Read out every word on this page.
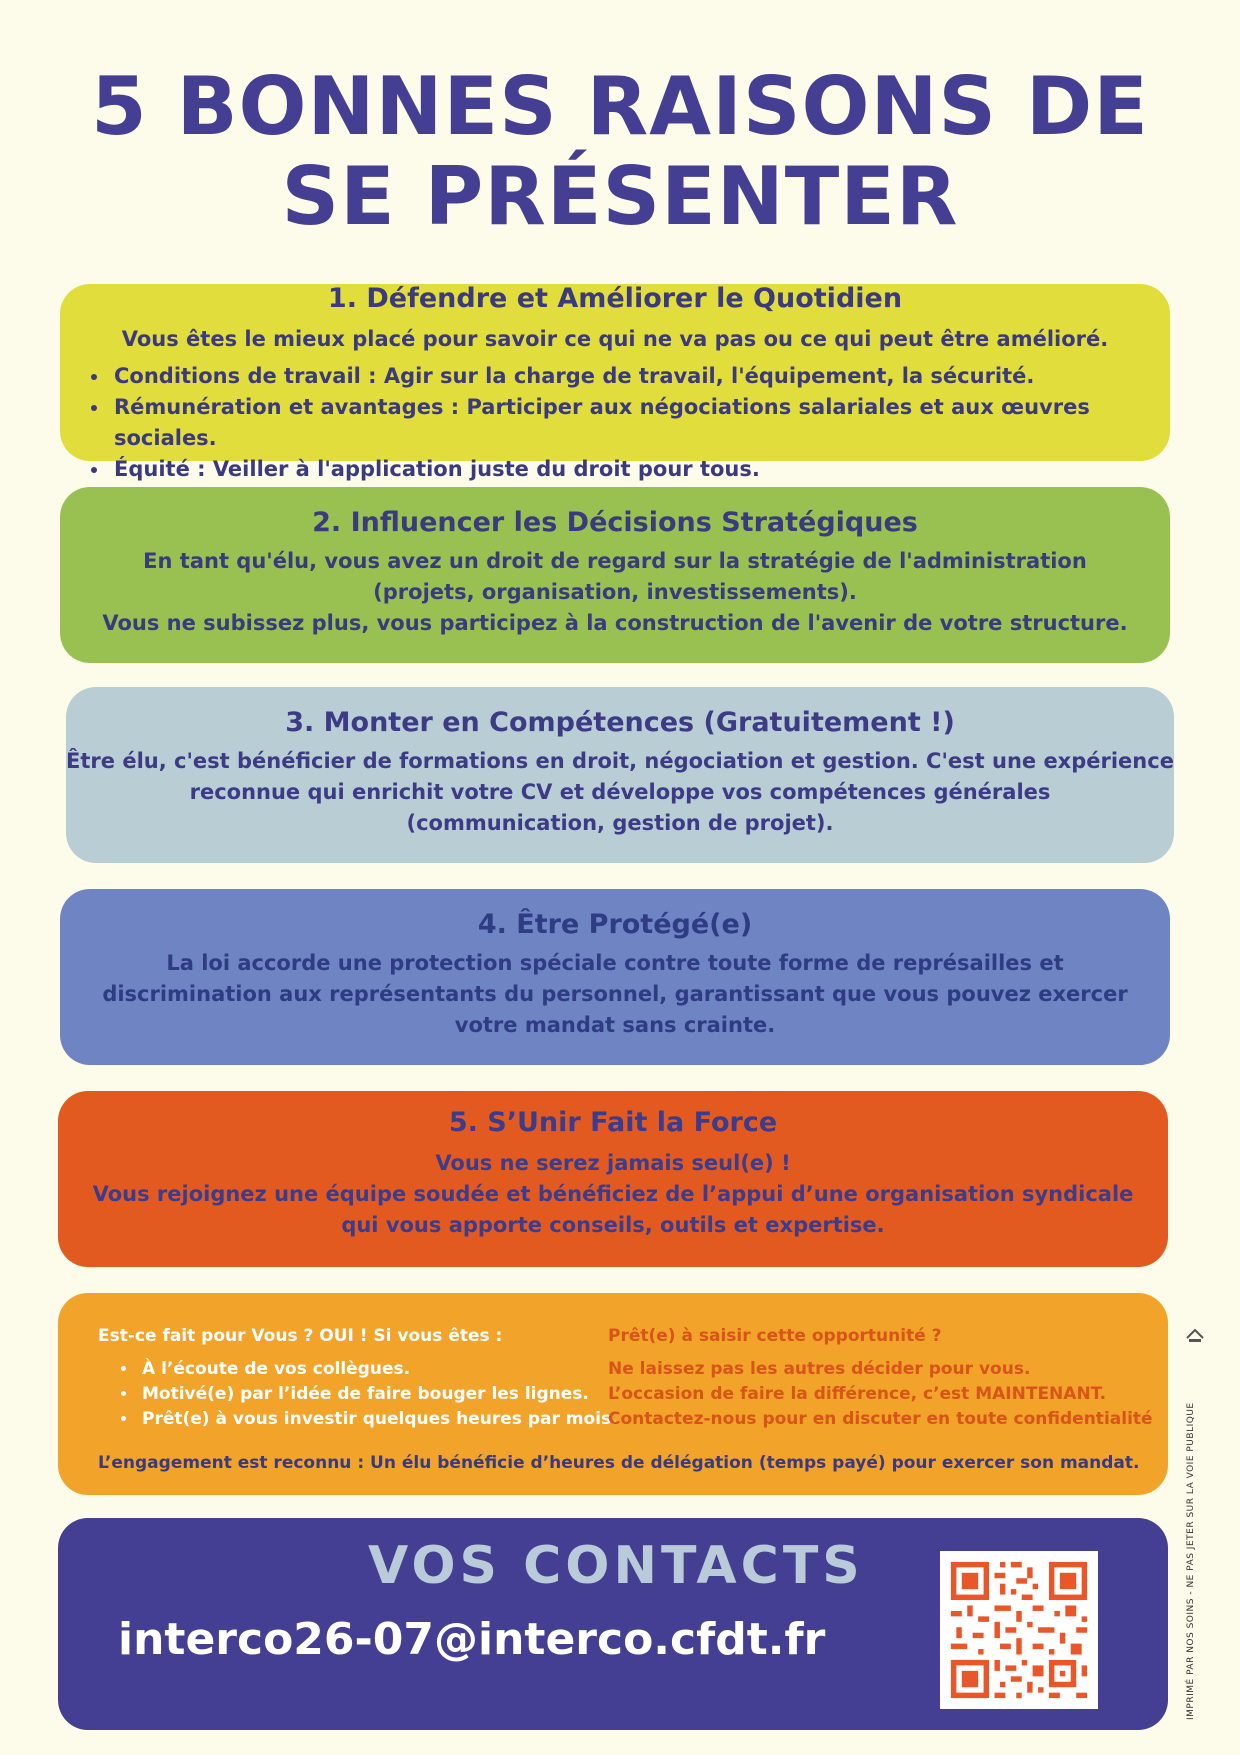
5 BONNES RAISONS DE
SE PRÉSENTER
1. Défendre et Améliorer le Quotidien

Vous êtes le mieux placé pour savoir ce qui ne va pas ou ce qui peut être amélioré.

• Conditions de travail : Agir sur la charge de travail, l'équipement, la sécurité.
• Rémunération et avantages : Participer aux négociations salariales et aux œuvres sociales.
• Équité : Veiller à l'application juste du droit pour tous.
2. Influencer les Décisions Stratégiques

En tant qu'élu, vous avez un droit de regard sur la stratégie de l'administration

(projets, organisation, investissements).

Vous ne subissez plus, vous participez à la construction de l'avenir de votre structure.

3. Monter en Compétences (Gratuitement !)

Être élu, c'est bénéficier de formations en droit, négociation et gestion. C'est une expérience

reconnue qui enrichit votre CV et développe vos compétences générales

(communication, gestion de projet).

4. Être Protégé(e)

La loi accorde une protection spéciale contre toute forme de représailles et

discrimination aux représentants du personnel, garantissant que vous pouvez exercer

votre mandat sans crainte.

5. S’Unir Fait la Force

Vous ne serez jamais seul(e) !

Vous rejoignez une équipe soudée et bénéficiez de l’appui d’une organisation syndicale

qui vous apporte conseils, outils et expertise.

Est-ce fait pour Vous ? OUI ! Si vous êtes :
• À l’écoute de vos collègues.
• Motivé(e) par l’idée de faire bouger les lignes.
• Prêt(e) à vous investir quelques heures par mois.
Prêt(e) à saisir cette opportunité ?
Ne laissez pas les autres décider pour vous.
L’occasion de faire la différence, c’est MAINTENANT.
Contactez-nous pour en discuter en toute confidentialité
L’engagement est reconnu : Un élu bénéficie d’heures de délégation (temps payé) pour exercer son mandat.
VOS CONTACTS
interco26-07@interco.cfdt.fr	IMPRIMÉ PAR NOS SOINS - NE PAS JETER SUR LA VOIE PUBLIQUE
